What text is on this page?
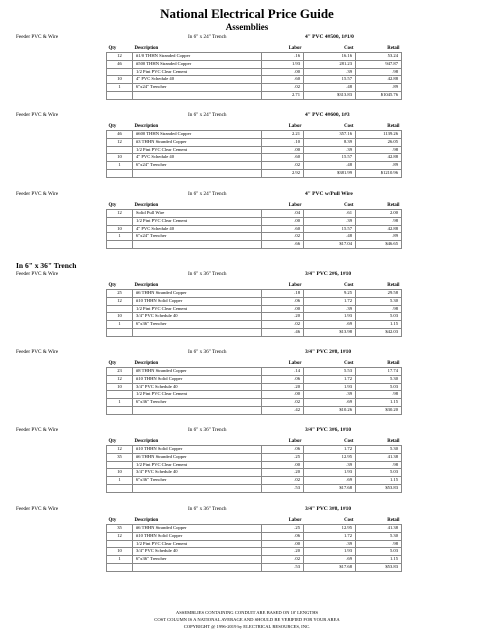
National Electrical Price Guide
Assemblies
In 6" x 36" Trench
Feeder PVC & Wire	In 6" x 24" Trench	4" PVC 4#500, 1#1/0
Qty	Description	Labor	Cost	Retail
12	#1/0 THHN Stranded Copper	.16	16.16	53.24
46	#500 THHN Stranded Copper	1.93	281.23	947.87
	1/2 Pint PVC Clear Cement	.00	.39	.98
10	4" PVC Schedule 40	.60	15.57	42.88
1	6"x24" Trencher	.02	.48	.89
		2.71	$313.83	$1045.76
Feeder PVC & Wire	In 6" x 24" Trench	4" PVC 4#600, 1#3
Qty	Description	Labor	Cost	Retail
46	#600 THHN Stranded Copper	2.21	357.16	1139.26
12	#3 THHN Stranded Copper	.10	8.39	26.05
	1/2 Pint PVC Clear Cement	.00	.39	.98
10	4" PVC Schedule 40	.60	15.57	42.88
1	6"x24" Trencher	.02	.48	.89
		2.92	$381.99	$1210.96
Feeder PVC & Wire	In 6" x 24" Trench	4" PVC w/Pull Wire
Qty	Description	Labor	Cost	Retail
12	Solid Pull Wire	.04	.61	2.00
	1/2 Pint PVC Clear Cement	.00	.39	.98
10	4" PVC Schedule 40	.60	15.57	42.88
1	6"x24" Trencher	.02	.48	.89
		.66	$17.04	$46.65
Feeder PVC & Wire	In 6" x 36" Trench	3/4" PVC 2#6, 1#10
Qty	Description	Labor	Cost	Retail
25	#6 THHN Stranded Copper	.18	9.25	29.58
12	#10 THHN Solid Copper	.06	1.72	5.30
	1/2 Pint PVC Clear Cement	.00	.39	.98
10	3/4" PVC Schedule 40	.20	1.93	5.03
1	6"x36" Trencher	.02	.69	1.15
		.46	$13.98	$42.03
Feeder PVC & Wire	In 6" x 36" Trench	3/4" PVC 2#8, 1#10
Qty	Description	Labor	Cost	Retail
23	#8 THHN Stranded Copper	.14	5.53	17.74
12	#10 THHN Solid Copper	.06	1.72	5.30
10	3/4" PVC Schedule 40	.20	1.93	5.03
	1/2 Pint PVC Clear Cement	.00	.39	.98
1	6"x36" Trencher	.02	.69	1.15
		.42	$10.26	$30.20
Feeder PVC & Wire	In 6" x 36" Trench	3/4" PVC 3#6, 1#10
Qty	Description	Labor	Cost	Retail
12	#10 THHN Solid Copper	.06	1.72	5.30
35	#6 THHN Stranded Copper	.25	12.95	41.38
	1/2 Pint PVC Clear Cement	.00	.39	.98
10	3/4" PVC Schedule 40	.20	1.93	5.03
1	6"x36" Trencher	.02	.69	1.15
		.53	$17.68	$53.83
Feeder PVC & Wire	In 6" x 36" Trench	3/4" PVC 3#8, 1#10
Qty	Description	Labor	Cost	Retail
35	#6 THHN Stranded Copper	.25	12.95	41.38
12	#10 THHN Solid Copper	.06	1.72	5.30
	1/2 Pint PVC Clear Cement	.00	.39	.98
10	3/4" PVC Schedule 40	.20	1.93	5.03
1	6"x36" Trencher	.02	.69	1.15
		.53	$17.68	$53.83
ASSEMBLIES CONTAINING CONDUIT ARE BASED ON 10' LENGTHS
COST COLUMN IS A NATIONAL AVERAGE AND SHOULD BE VERIFIED FOR YOUR AREA
COPYRIGHT @ 1996-2019 by ELECTRICAL RESOURCES, INC.
